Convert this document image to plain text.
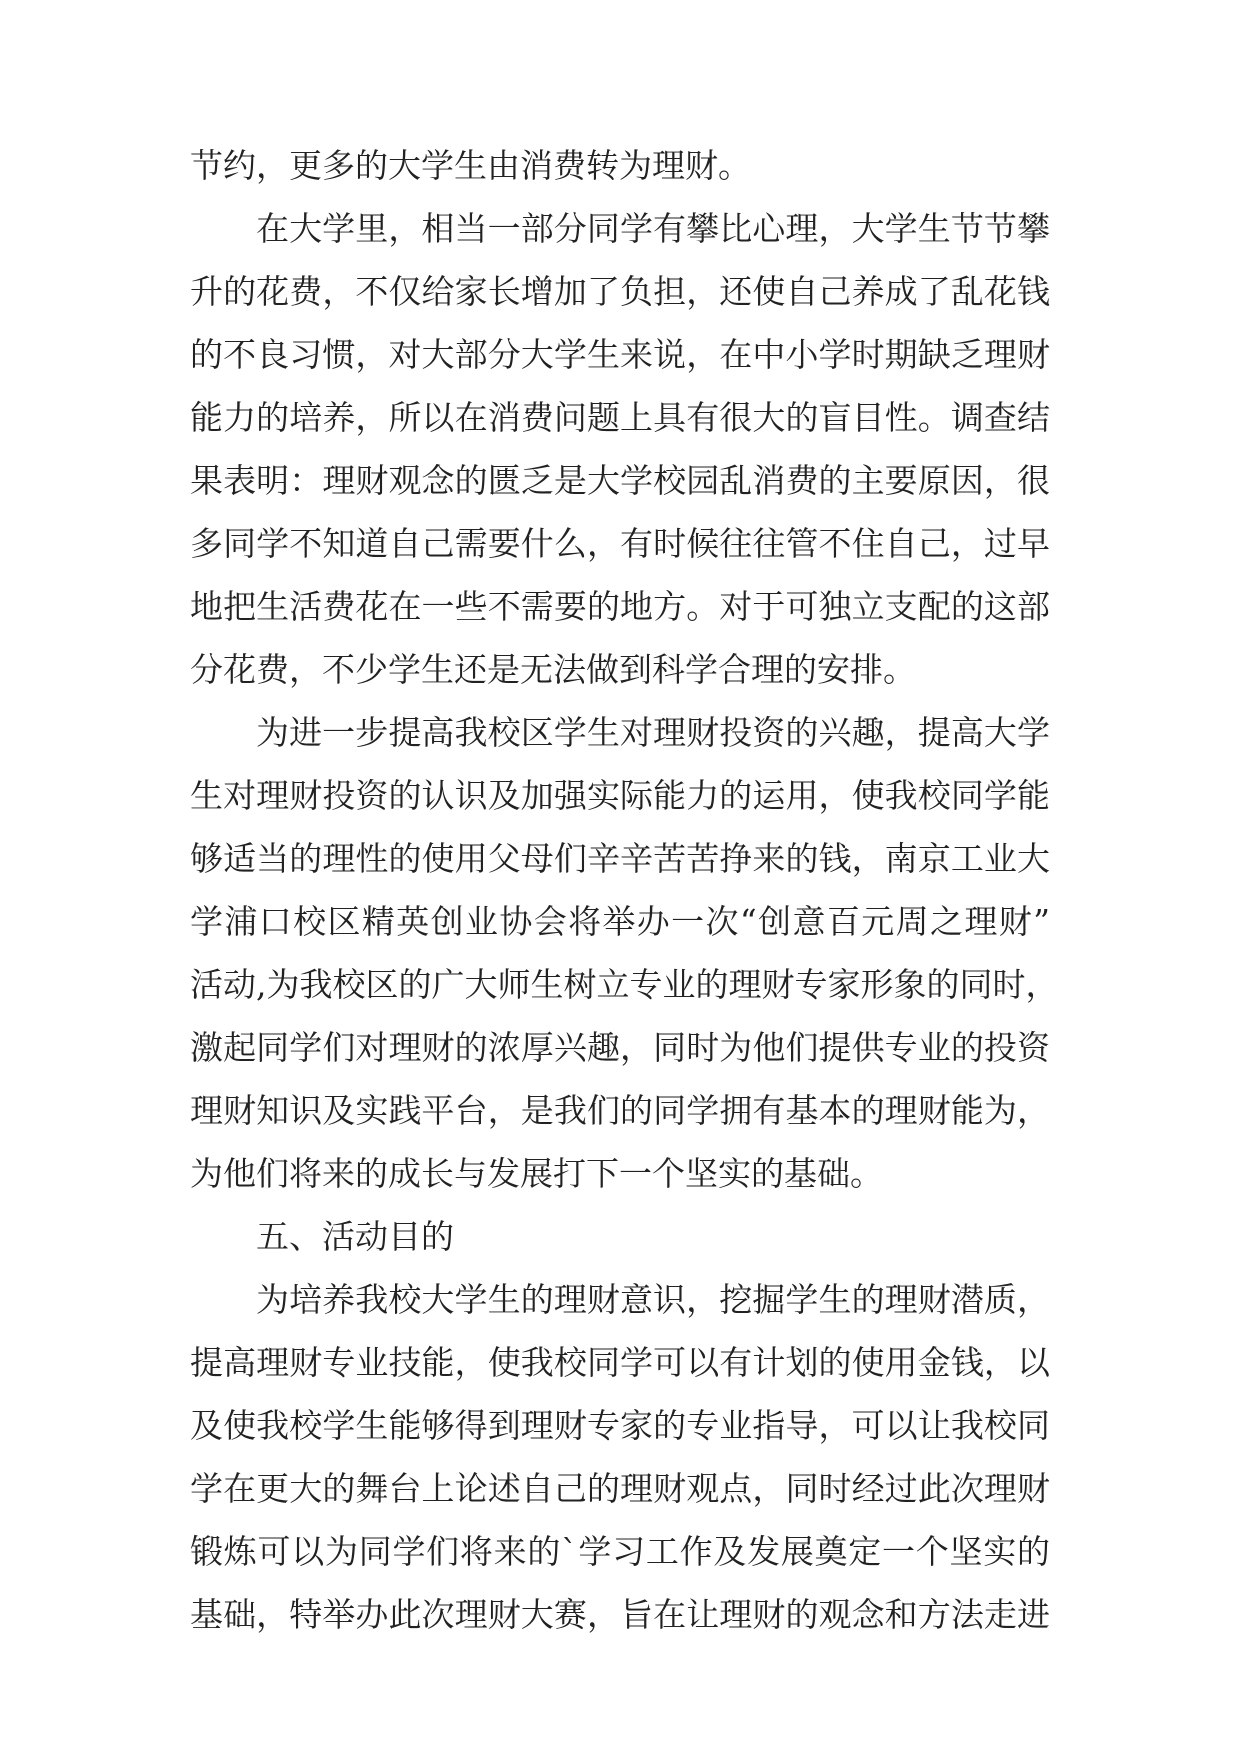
节约，更多的大学生由消费转为理财。
在大学里，相当一部分同学有攀比心理，大学生节节攀
升的花费，不仅给家长增加了负担，还使自己养成了乱花钱
的不良习惯，对大部分大学生来说，在中小学时期缺乏理财
能力的培养，所以在消费问题上具有很大的盲目性。调查结
果表明：理财观念的匮乏是大学校园乱消费的主要原因，很
多同学不知道自己需要什么，有时候往往管不住自己，过早
地把生活费花在一些不需要的地方。对于可独立支配的这部
分花费，不少学生还是无法做到科学合理的安排。
为进一步提高我校区学生对理财投资的兴趣，提高大学
生对理财投资的认识及加强实际能力的运用，使我校同学能
够适当的理性的使用父母们辛辛苦苦挣来的钱，南京工业大
学浦口校区精英创业协会将举办一次“创意百元周之理财”
活动,为我校区的广大师生树立专业的理财专家形象的同时，
激起同学们对理财的浓厚兴趣，同时为他们提供专业的投资
理财知识及实践平台，是我们的同学拥有基本的理财能为，
为他们将来的成长与发展打下一个坚实的基础。
五、活动目的
为培养我校大学生的理财意识，挖掘学生的理财潜质，
提高理财专业技能，使我校同学可以有计划的使用金钱，以
及使我校学生能够得到理财专家的专业指导，可以让我校同
学在更大的舞台上论述自己的理财观点，同时经过此次理财
锻炼可以为同学们将来的`学习工作及发展奠定一个坚实的
基础，特举办此次理财大赛，旨在让理财的观念和方法走进
